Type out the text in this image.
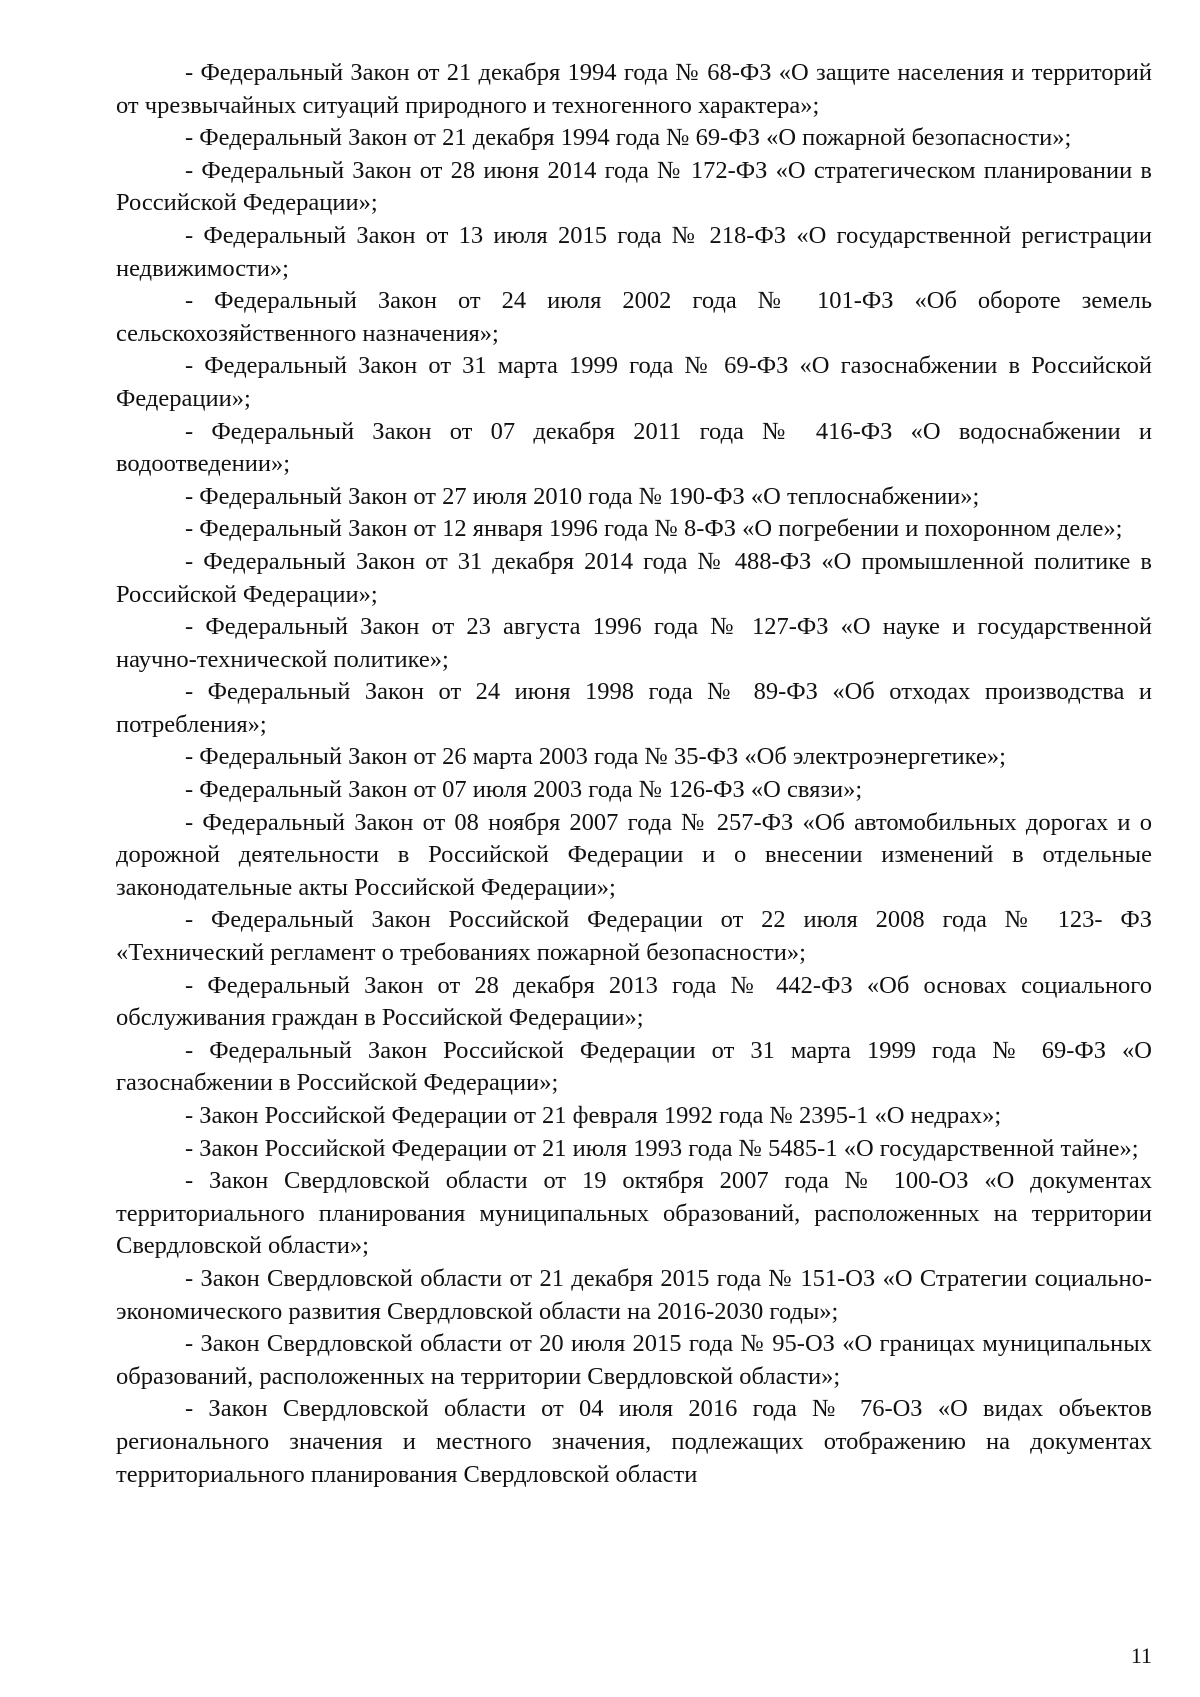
- Федеральный Закон от 21 декабря 1994 года № 68-ФЗ «О защите населения и территорий от чрезвычайных ситуаций природного и техногенного характера»;

- Федеральный Закон от 21 декабря 1994 года № 69-ФЗ «О пожарной безопасности»;

- Федеральный Закон от 28 июня 2014 года № 172-ФЗ «О стратегическом планировании в Российской Федерации»;

- Федеральный Закон от 13 июля 2015 года № 218-ФЗ «О государственной регистрации недвижимости»;

- Федеральный Закон от 24 июля 2002 года № 101-ФЗ «Об обороте земель сельскохозяйственного назначения»;

- Федеральный Закон от 31 марта 1999 года № 69-ФЗ «О газоснабжении в Российской Федерации»;

- Федеральный Закон от 07 декабря 2011 года № 416-ФЗ «О водоснабжении и водоотведении»;

- Федеральный Закон от 27 июля 2010 года № 190-ФЗ «О теплоснабжении»;

- Федеральный Закон от 12 января 1996 года № 8-ФЗ «О погребении и похоронном деле»;

- Федеральный Закон от 31 декабря 2014 года № 488-ФЗ «О промышленной политике в Российской Федерации»;

- Федеральный Закон от 23 августа 1996 года № 127-ФЗ «О науке и государственной научно-технической политике»;

- Федеральный Закон от 24 июня 1998 года № 89-ФЗ «Об отходах производства и потребления»;

- Федеральный Закон от 26 марта 2003 года № 35-ФЗ «Об электроэнергетике»;

- Федеральный Закон от 07 июля 2003 года № 126-ФЗ «О связи»;

- Федеральный Закон от 08 ноября 2007 года № 257-ФЗ «Об автомобильных дорогах и о дорожной деятельности в Российской Федерации и о внесении изменений в отдельные законодательные акты Российской Федерации»;

- Федеральный Закон Российской Федерации от 22 июля 2008 года № 123- ФЗ «Технический регламент о требованиях пожарной безопасности»;

- Федеральный Закон от 28 декабря 2013 года № 442-ФЗ «Об основах социального обслуживания граждан в Российской Федерации»;

- Федеральный Закон Российской Федерации от 31 марта 1999 года № 69-ФЗ «О газоснабжении в Российской Федерации»;

- Закон Российской Федерации от 21 февраля 1992 года № 2395-1 «О недрах»;

- Закон Российской Федерации от 21 июля 1993 года № 5485-1 «О государственной тайне»;

- Закон Свердловской области от 19 октября 2007 года № 100-ОЗ «О документах территориального планирования муниципальных образований, расположенных на территории Свердловской области»;

- Закон Свердловской области от 21 декабря 2015 года № 151-ОЗ «О Стратегии социально-экономического развития Свердловской области на 2016-2030 годы»;

- Закон Свердловской области от 20 июля 2015 года № 95-ОЗ «О границах муниципальных образований, расположенных на территории Свердловской области»;

- Закон Свердловской области от 04 июля 2016 года № 76-ОЗ «О видах объектов регионального значения и местного значения, подлежащих отображению на документах территориального планирования Свердловской области

11
